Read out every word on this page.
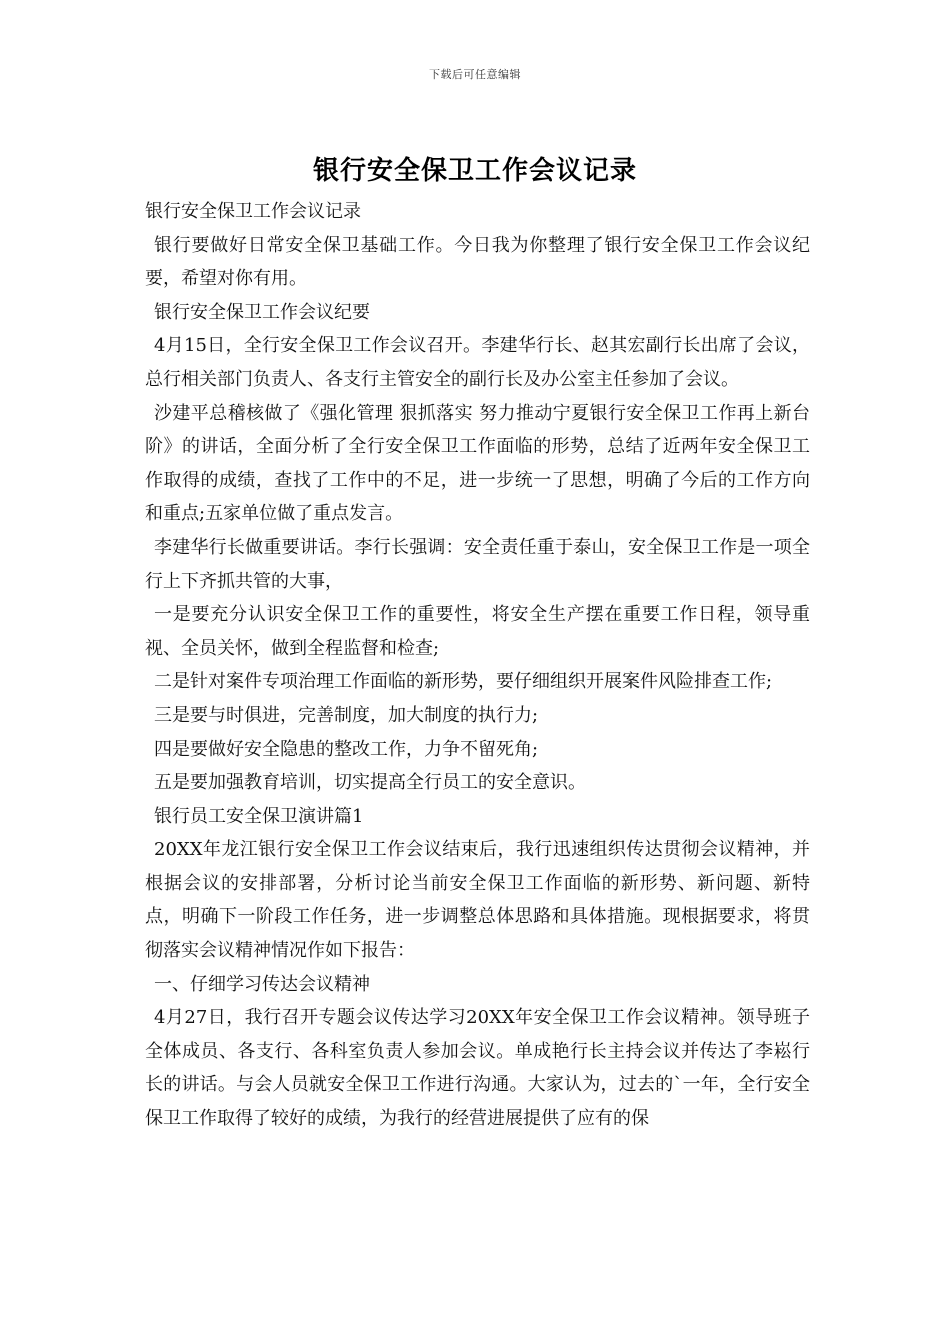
下载后可任意编辑
银行安全保卫工作会议记录

银行安全保卫工作会议记录

银行要做好日常安全保卫基础工作。今日我为你整理了银行安全保卫工作会议纪要，希望对你有用。

银行安全保卫工作会议纪要

4月15日，全行安全保卫工作会议召开。李建华行长、赵其宏副行长出席了会议，总行相关部门负责人、各支行主管安全的副行长及办公室主任参加了会议。

沙建平总稽核做了《强化管理 狠抓落实 努力推动宁夏银行安全保卫工作再上新台阶》的讲话，全面分析了全行安全保卫工作面临的形势，总结了近两年安全保卫工作取得的成绩，查找了工作中的不足，进一步统一了思想，明确了今后的工作方向和重点;五家单位做了重点发言。

李建华行长做重要讲话。李行长强调：安全责任重于泰山，安全保卫工作是一项全行上下齐抓共管的大事，

一是要充分认识安全保卫工作的重要性，将安全生产摆在重要工作日程，领导重视、全员关怀，做到全程监督和检查;

二是针对案件专项治理工作面临的新形势，要仔细组织开展案件风险排查工作;

三是要与时俱进，完善制度，加大制度的执行力;

四是要做好安全隐患的整改工作，力争不留死角;

五是要加强教育培训，切实提高全行员工的安全意识。

银行员工安全保卫演讲篇1

20XX年龙江银行安全保卫工作会议结束后，我行迅速组织传达贯彻会议精神，并根据会议的安排部署，分析讨论当前安全保卫工作面临的新形势、新问题、新特点，明确下一阶段工作任务，进一步调整总体思路和具体措施。现根据要求，将贯彻落实会议精神情况作如下报告：

一、仔细学习传达会议精神

4月27日，我行召开专题会议传达学习20XX年安全保卫工作会议精神。领导班子全体成员、各支行、各科室负责人参加会议。单成艳行长主持会议并传达了李崧行长的讲话。与会人员就安全保卫工作进行沟通。大家认为，过去的`一年，全行安全保卫工作取得了较好的成绩，为我行的经营进展提供了应有的保
